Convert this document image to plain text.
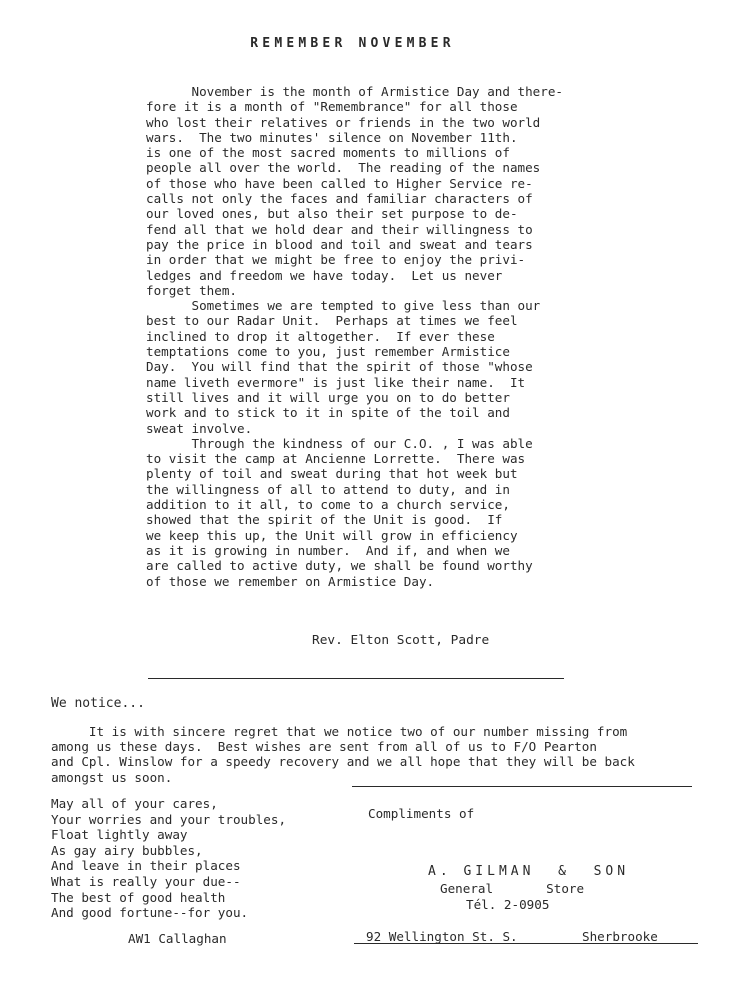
REMEMBER NOVEMBER
November is the month of Armistice Day and there-
fore it is a month of "Remembrance" for all those
who lost their relatives or friends in the two world
wars.  The two minutes' silence on November 11th.
is one of the most sacred moments to millions of
people all over the world.  The reading of the names
of those who have been called to Higher Service re-
calls not only the faces and familiar characters of
our loved ones, but also their set purpose to de-
fend all that we hold dear and their willingness to
pay the price in blood and toil and sweat and tears
in order that we might be free to enjoy the privi-
ledges and freedom we have today.  Let us never
forget them.
Sometimes we are tempted to give less than our
best to our Radar Unit.  Perhaps at times we feel
inclined to drop it altogether.  If ever these
temptations come to you, just remember Armistice
Day.  You will find that the spirit of those "whose
name liveth evermore" is just like their name.  It
still lives and it will urge you on to do better
work and to stick to it in spite of the toil and
sweat involve.
Through the kindness of our C.O. , I was able
to visit the camp at Ancienne Lorrette.  There was
plenty of toil and sweat during that hot week but
the willingness of all to attend to duty, and in
addition to it all, to come to a church service,
showed that the spirit of the Unit is good.  If
we keep this up, the Unit will grow in efficiency
as it is growing in number.  And if, and when we
are called to active duty, we shall be found worthy
of those we remember on Armistice Day.
Rev. Elton Scott, Padre
We notice...
It is with sincere regret that we notice two of our number missing from
among us these days.  Best wishes are sent from all of us to F/O Pearton
and Cpl. Winslow for a speedy recovery and we all hope that they will be back
amongst us soon.
May all of your cares,
Your worries and your troubles,
Float lightly away
As gay airy bubbles,
And leave in their places
What is really your due--
The best of good health
And good fortune--for you.
Compliments of
A. GILMAN  &  SON
General       Store
Tél. 2-0905
AW1 Callaghan	92 Wellington St. S.	Sherbrooke
